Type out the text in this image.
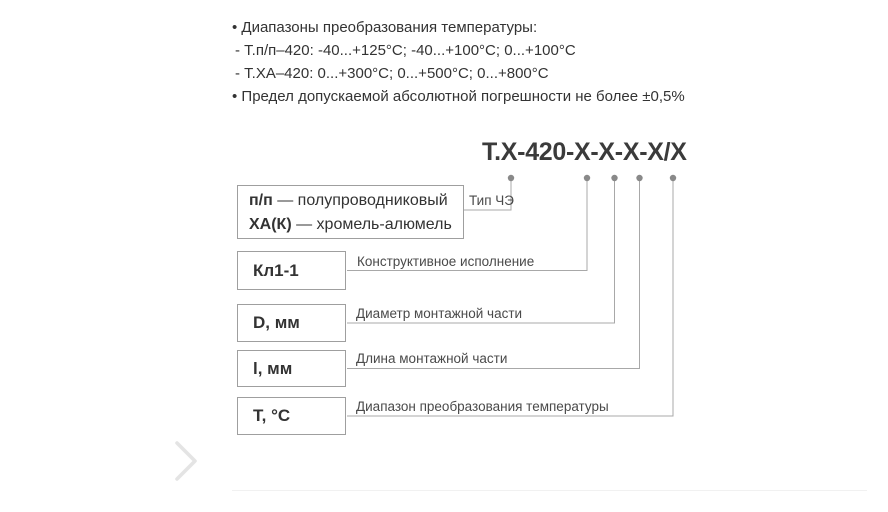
• Диапазоны преобразования температуры:
- Т.п/п–420: -40...+125°С; -40...+100°С; 0...+100°С
- Т.ХА–420: 0...+300°С; 0...+500°С; 0...+800°С
• Предел допускаемой абсолютной погрешности не более ±0,5%
Т.Х-420-Х-Х-Х-Х/Х
п/п — полупроводниковый
ХА(К) — хромель-алюмель
Тип ЧЭ
Кл1-1	Конструктивное исполнение
D, мм	Диаметр монтажной части
l, мм	Длина монтажной части
Т, °С	Диапазон преобразования температуры
